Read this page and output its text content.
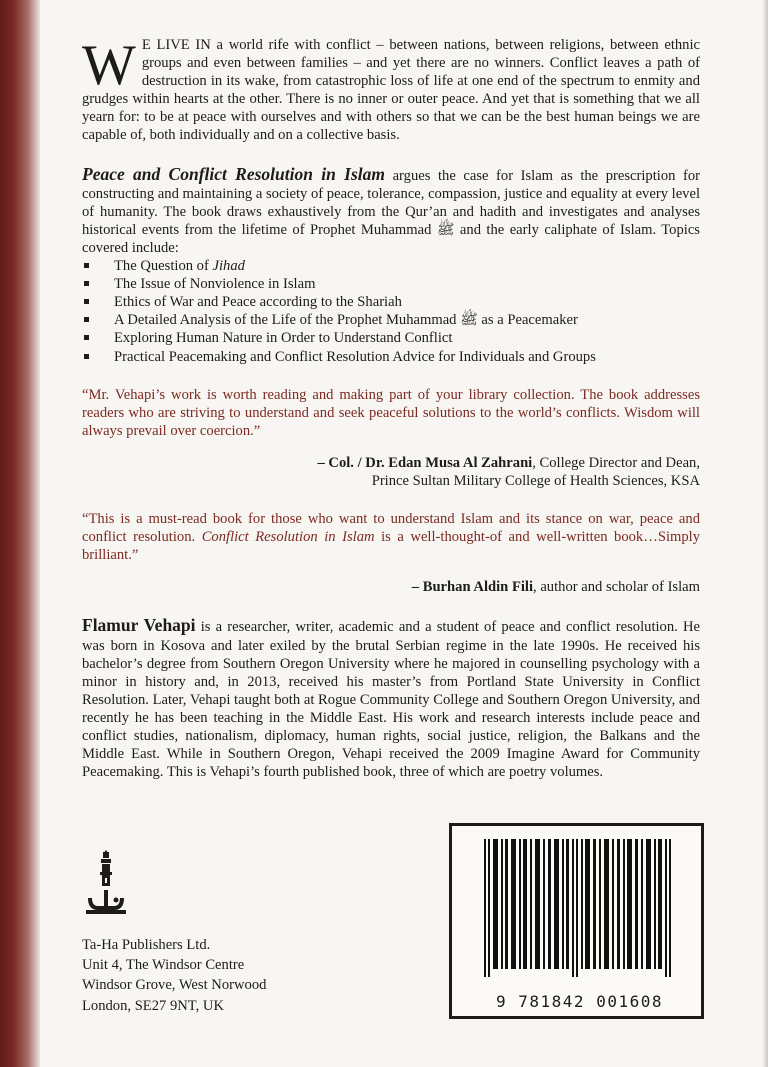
W E LIVE IN a world rife with conflict – between nations, between religions, between ethnic groups and even between families – and yet there are no winners. Conflict leaves a path of destruction in its wake, from catastrophic loss of life at one end of the spectrum to enmity and grudges within hearts at the other. There is no inner or outer peace. And yet that is something that we all yearn for: to be at peace with ourselves and with others so that we can be the best human beings we are capable of, both individually and on a collective basis.

Peace and Conflict Resolution in Islam argues the case for Islam as the prescription for constructing and maintaining a society of peace, tolerance, compassion, justice and equality at every level of humanity. The book draws exhaustively from the Qur’an and hadith and investigates and analyses historical events from the lifetime of Prophet Muhammad ﷺ and the early caliphate of Islam. Topics covered include:

The Question of Jihad
The Issue of Nonviolence in Islam
Ethics of War and Peace according to the Shariah
A Detailed Analysis of the Life of the Prophet Muhammad ﷺ as a Peacemaker
Exploring Human Nature in Order to Understand Conflict
Practical Peacemaking and Conflict Resolution Advice for Individuals and Groups

“Mr. Vehapi’s work is worth reading and making part of your library collection. The book addresses readers who are striving to understand and seek peaceful solutions to the world’s conflicts. Wisdom will always prevail over coercion.”

– Col. / Dr. Edan Musa Al Zahrani, College Director and Dean,
Prince Sultan Military College of Health Sciences, KSA

“This is a must-read book for those who want to understand Islam and its stance on war, peace and conflict resolution. Conflict Resolution in Islam is a well-thought-of and well-written book…Simply brilliant.”

– Burhan Aldin Fili, author and scholar of Islam

Flamur Vehapi is a researcher, writer, academic and a student of peace and conflict resolution. He was born in Kosova and later exiled by the brutal Serbian regime in the late 1990s. He received his bachelor’s degree from Southern Oregon University where he majored in counselling psychology with a minor in history and, in 2013, received his master’s from Portland State University in Conflict Resolution. Later, Vehapi taught both at Rogue Community College and Southern Oregon University, and recently he has been teaching in the Middle East. His work and research interests include peace and conflict studies, nationalism, diplomacy, human rights, social justice, religion, the Balkans and the Middle East. While in Southern Oregon, Vehapi received the 2009 Imagine Award for Community Peacemaking. This is Vehapi’s fourth published book, three of which are poetry volumes.

Ta-Ha Publishers Ltd.
Unit 4, The Windsor Centre
Windsor Grove, West Norwood
London, SE27 9NT, UK	9 781842 001608
